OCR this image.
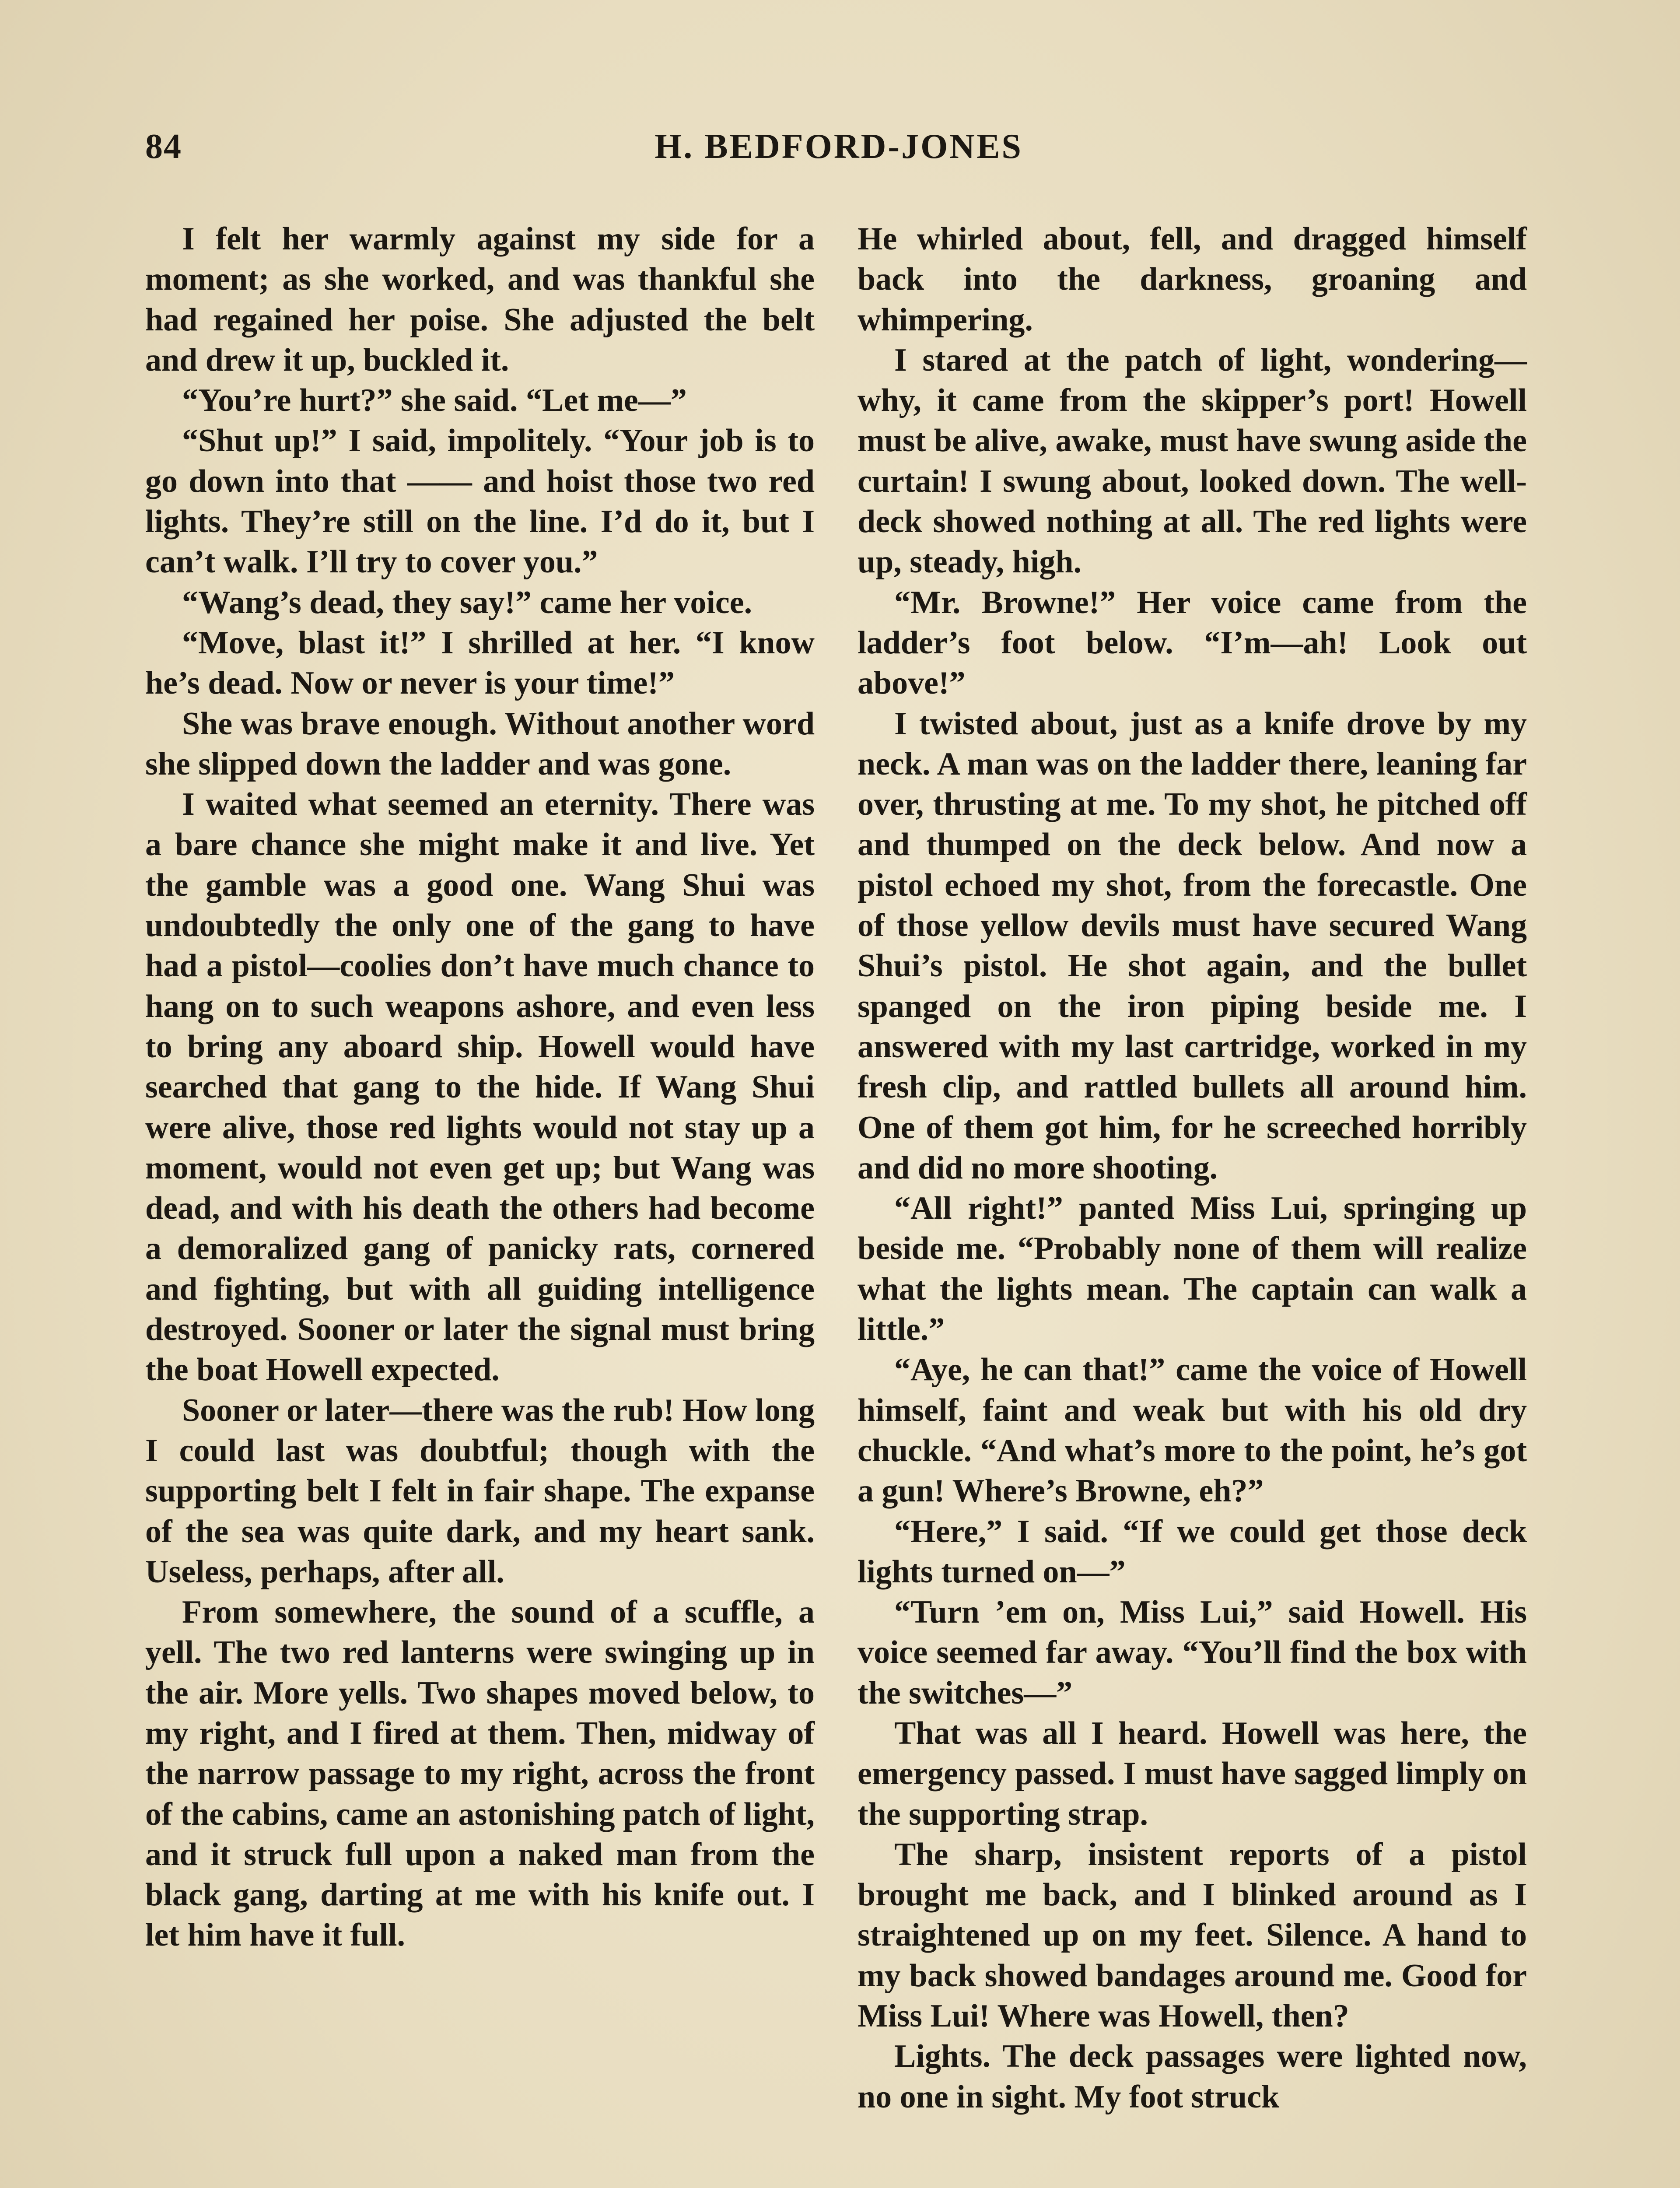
84	H. BEDFORD-JONES

I felt her warmly against my side for a moment; as she worked, and was thankful she had regained her poise. She adjusted the belt and drew it up, buckled it.

“You’re hurt?” she said. “Let me—”

“Shut up!” I said, impolitely. “Your job is to go down into that —— and hoist those two red lights. They’re still on the line. I’d do it, but I can’t walk. I’ll try to cover you.”

“Wang’s dead, they say!” came her voice.

“Move, blast it!” I shrilled at her. “I know he’s dead. Now or never is your time!”

She was brave enough. Without another word she slipped down the ladder and was gone.

I waited what seemed an eternity. There was a bare chance she might make it and live. Yet the gamble was a good one. Wang Shui was undoubtedly the only one of the gang to have had a pistol—coolies don’t have much chance to hang on to such weapons ashore, and even less to bring any aboard ship. Howell would have searched that gang to the hide. If Wang Shui were alive, those red lights would not stay up a moment, would not even get up; but Wang was dead, and with his death the others had become a demoralized gang of panicky rats, cornered and fighting, but with all guiding intelligence destroyed. Sooner or later the signal must bring the boat Howell expected.

Sooner or later—there was the rub! How long I could last was doubtful; though with the supporting belt I felt in fair shape. The expanse of the sea was quite dark, and my heart sank. Useless, perhaps, after all.

From somewhere, the sound of a scuffle, a yell. The two red lanterns were swinging up in the air. More yells. Two shapes moved below, to my right, and I fired at them. Then, midway of the narrow passage to my right, across the front of the cabins, came an astonishing patch of light, and it struck full upon a naked man from the black gang, darting at me with his knife out. I let him have it full.

He whirled about, fell, and dragged himself back into the darkness, groaning and whimpering.

I stared at the patch of light, wondering—why, it came from the skipper’s port! Howell must be alive, awake, must have swung aside the curtain! I swung about, looked down. The well-deck showed nothing at all. The red lights were up, steady, high.

“Mr. Browne!” Her voice came from the ladder’s foot below. “I’m—ah! Look out above!”

I twisted about, just as a knife drove by my neck. A man was on the ladder there, leaning far over, thrusting at me. To my shot, he pitched off and thumped on the deck below. And now a pistol echoed my shot, from the forecastle. One of those yellow devils must have secured Wang Shui’s pistol. He shot again, and the bullet spanged on the iron piping beside me. I answered with my last cartridge, worked in my fresh clip, and rattled bullets all around him. One of them got him, for he screeched horribly and did no more shooting.

“All right!” panted Miss Lui, springing up beside me. “Probably none of them will realize what the lights mean. The captain can walk a little.”

“Aye, he can that!” came the voice of Howell himself, faint and weak but with his old dry chuckle. “And what’s more to the point, he’s got a gun! Where’s Browne, eh?”

“Here,” I said. “If we could get those deck lights turned on—”

“Turn ’em on, Miss Lui,” said Howell. His voice seemed far away. “You’ll find the box with the switches—”

That was all I heard. Howell was here, the emergency passed. I must have sagged limply on the supporting strap.

The sharp, insistent reports of a pistol brought me back, and I blinked around as I straightened up on my feet. Silence. A hand to my back showed bandages around me. Good for Miss Lui! Where was Howell, then?

Lights. The deck passages were lighted now, no one in sight. My foot struck
